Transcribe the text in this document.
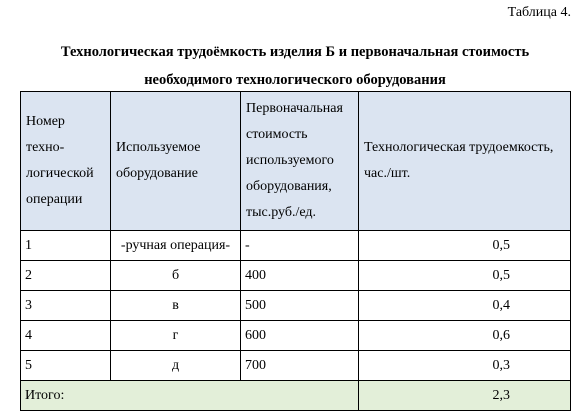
Таблица 4.
Технологическая трудоёмкость изделия Б и первоначальная стоимость
необходимого технологического оборудования
Номер техно-логической операции	Используемое оборудование	Первоначальная стоимость используемого оборудования, тыс.руб./ед.	Технологическая трудоемкость, час./шт.
1	-ручная операция-	-	0,5
2	б	400	0,5
3	в	500	0,4
4	г	600	0,6
5	д	700	0,3
Итого:			2,3
